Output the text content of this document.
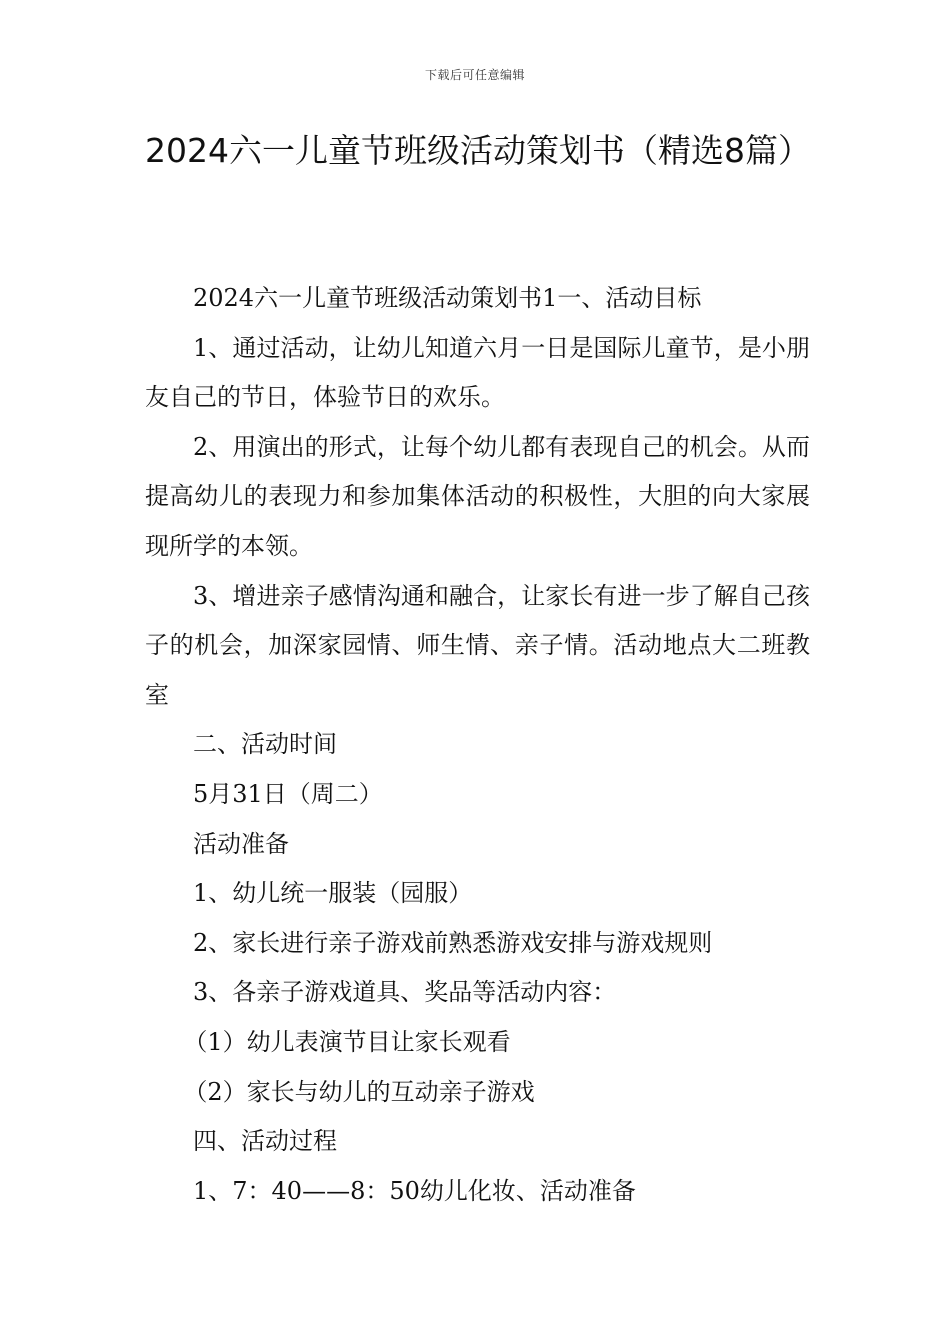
下载后可任意编辑
2024六一儿童节班级活动策划书（精选8篇）

2024六一儿童节班级活动策划书1一、活动目标

1、通过活动，让幼儿知道六月一日是国际儿童节，是小朋友自己的节日，体验节日的欢乐。

2、用演出的形式，让每个幼儿都有表现自己的机会。从而提高幼儿的表现力和参加集体活动的积极性，大胆的向大家展现所学的本领。

3、增进亲子感情沟通和融合，让家长有进一步了解自己孩子的机会，加深家园情、师生情、亲子情。活动地点大二班教室

二、活动时间

5月31日（周二）

活动准备

1、幼儿统一服装（园服）

2、家长进行亲子游戏前熟悉游戏安排与游戏规则

3、各亲子游戏道具、奖品等活动内容：

（1）幼儿表演节目让家长观看

（2）家长与幼儿的互动亲子游戏

四、活动过程

1、7：40——8：50幼儿化妆、活动准备
